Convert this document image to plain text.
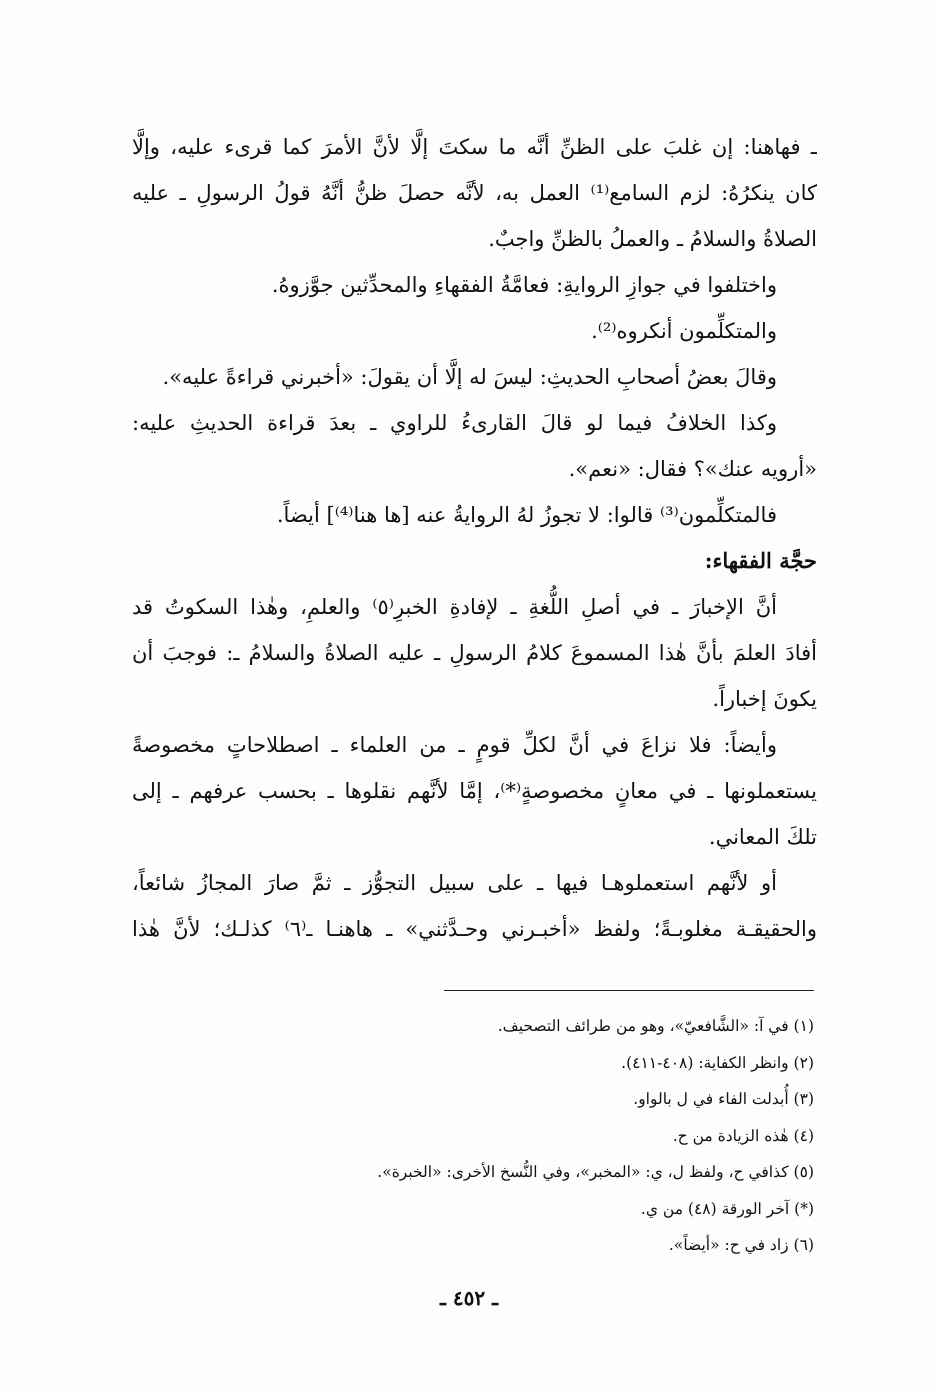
ـ فهاهنا: إن غلبَ على الظنِّ أنَّه ما سكتَ إلَّا لأنَّ الأمرَ كما قرىء عليه، وإلَّا
كان ينكرُهُ: لزم السامع⁽¹⁾ العمل به، لأنَّه حصلَ ظنُّ أنَّهُ قولُ الرسولِ ـ عليه
الصلاةُ والسلامُ ـ والعملُ بالظنِّ واجبٌ.
واختلفوا في جوازِ الروايةِ: فعامَّةُ الفقهاءِ والمحدِّثين جوَّزوهُ.
والمتكلِّمون أنكروه⁽²⁾.
وقالَ بعضُ أصحابِ الحديثِ: ليسَ له إلَّا أن يقولَ: «أخبرني قراءةً عليه».
وكذا الخلافُ فيما لو قالَ القارىءُ للراوي ـ بعدَ قراءة الحديثِ عليه:
«أرويه عنك»؟ فقال: «نعم».
فالمتكلِّمون⁽³⁾ قالوا: لا تجوزُ لهُ الروايةُ عنه [ها هنا⁽⁴⁾] أيضاً.
حجَّة الفقهاء:
أنَّ الإخبارَ ـ في أصلِ اللُّغةِ ـ لإفادةِ الخبرِ⁽٥⁾ والعلمِ، وهٰذا السكوتُ قد
أفادَ العلمَ بأنَّ هٰذا المسموعَ كلامُ الرسولِ ـ عليه الصلاةُ والسلامُ ـ: فوجبَ أن
يكونَ إخباراً.
وأيضاً: فلا نزاعَ في أنَّ لكلِّ قومٍ ـ من العلماء ـ اصطلاحاتٍ مخصوصةً
يستعملونها ـ في معانٍ مخصوصةٍ⁽*⁾، إمَّا لأنَّهم نقلوها ـ بحسب عرفهم ـ إلى
تلكَ المعاني.
أو لأنَّهم استعملوهـا فيها ـ على سبيل التجوُّز ـ ثمَّ صارَ المجازُ شائعاً،
والحقيقـة مغلوبـةً؛ ولفظ «أخبـرني وحـدَّثني» ـ هاهنـا ـ⁽٦⁾ كذلـك؛ لأنَّ هٰذا
(١) في آ: «الشَّافعيّ»، وهو من طرائف التصحيف.
(٢) وانظر الكفاية: (٤٠٨-٤١١).
(٣) أُبدلت الفاء في ل بالواو.
(٤) هٰذه الزيادة من ح.
(٥) كذافي ح، ولفظ ل، ي: «المخبر»، وفي النُّسخ الأخرى: «الخبرة».
(*) آخر الورقة (٤٨) من ي.
(٦) زاد في ح: «أيضاً».
ـ ٤٥٢ ـ
